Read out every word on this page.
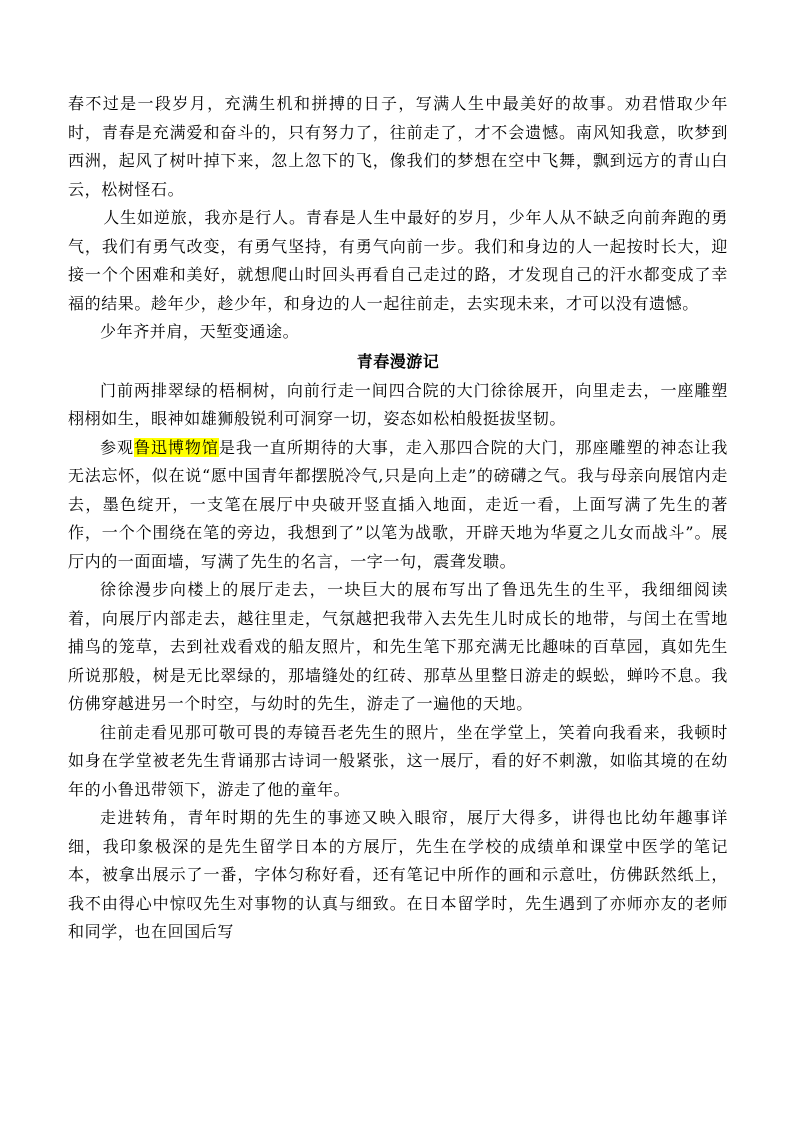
春不过是一段岁月，充满生机和拼搏的日子，写满人生中最美好的故事。劝君惜取少年时，青春是充满爱和奋斗的，只有努力了，往前走了，才不会遗憾。南风知我意，吹梦到西洲，起风了树叶掉下来，忽上忽下的飞，像我们的梦想在空中飞舞，飘到远方的青山白云，松树怪石。

人生如逆旅，我亦是行人。青春是人生中最好的岁月，少年人从不缺乏向前奔跑的勇气，我们有勇气改变，有勇气坚持，有勇气向前一步。我们和身边的人一起按时长大，迎接一个个困难和美好，就想爬山时回头再看自己走过的路，才发现自己的汗水都变成了幸福的结果。趁年少，趁少年，和身边的人一起往前走，去实现未来，才可以没有遗憾。

少年齐并肩，天堑变通途。

青春漫游记

门前两排翠绿的梧桐树，向前行走一间四合院的大门徐徐展开，向里走去，一座雕塑栩栩如生，眼神如雄狮般锐利可洞穿一切，姿态如松柏般挺拔坚韧。

参观鲁迅博物馆是我一直所期待的大事，走入那四合院的大门，那座雕塑的神态让我无法忘怀，似在说“愿中国青年都摆脱冷气,只是向上走”的磅礴之气。我与母亲向展馆内走去，墨色绽开，一支笔在展厅中央破开竖直插入地面，走近一看，上面写满了先生的著作，一个个围绕在笔的旁边，我想到了”以笔为战歌，开辟天地为华夏之儿女而战斗”。展厅内的一面面墙，写满了先生的名言，一字一句，震聋发聩。

徐徐漫步向楼上的展厅走去，一块巨大的展布写出了鲁迅先生的生平，我细细阅读着，向展厅内部走去，越往里走，气氛越把我带入去先生儿时成长的地带，与闰土在雪地捕鸟的笼草，去到社戏看戏的船友照片，和先生笔下那充满无比趣味的百草园，真如先生所说那般，树是无比翠绿的，那墙缝处的红砖、那草丛里整日游走的蜈蚣，蝉吟不息。我仿佛穿越进另一个时空，与幼时的先生，游走了一遍他的天地。

往前走看见那可敬可畏的寿镜吾老先生的照片，坐在学堂上，笑着向我看来，我顿时如身在学堂被老先生背诵那古诗词一般紧张，这一展厅，看的好不刺激，如临其境的在幼年的小鲁迅带领下，游走了他的童年。

走进转角，青年时期的先生的事迹又映入眼帘，展厅大得多，讲得也比幼年趣事详细，我印象极深的是先生留学日本的方展厅，先生在学校的成绩单和课堂中医学的笔记本，被拿出展示了一番，字体匀称好看，还有笔记中所作的画和示意吐，仿佛跃然纸上，我不由得心中惊叹先生对事物的认真与细致。在日本留学时，先生遇到了亦师亦友的老师和同学，也在回国后写
